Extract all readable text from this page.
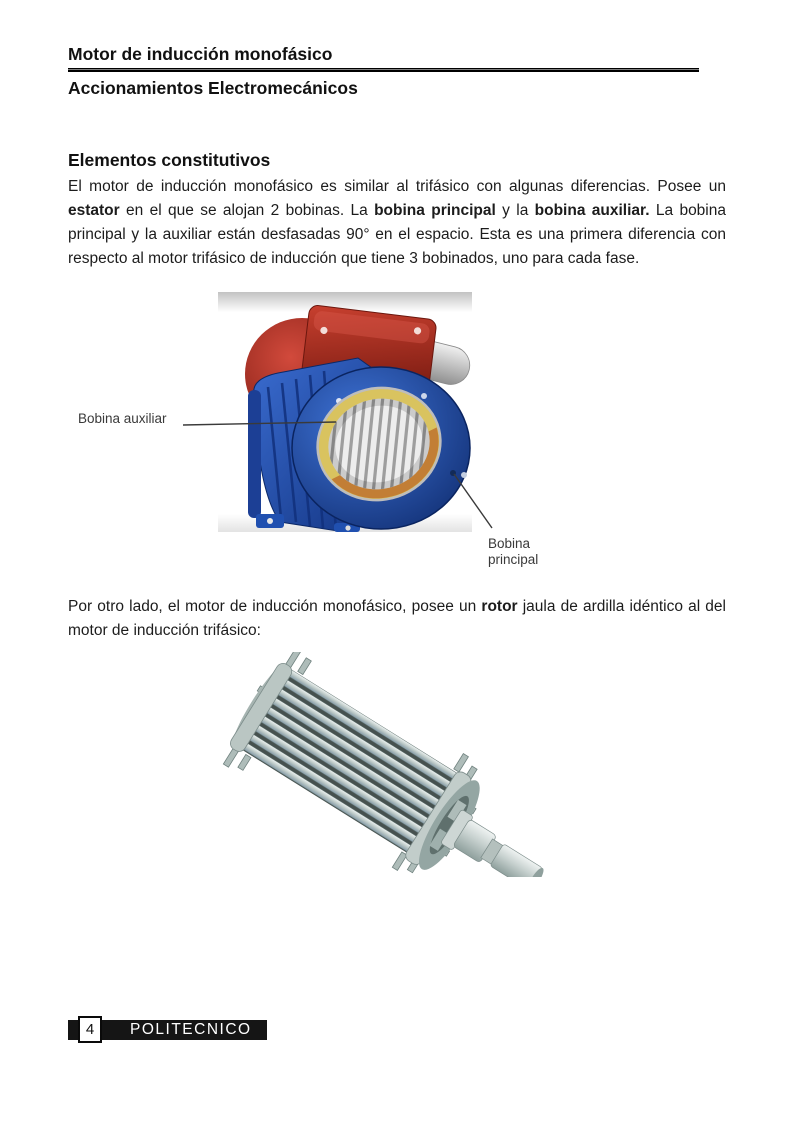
Motor de inducción monofásico
Accionamientos Electromecánicos
Elementos constitutivos

El motor de inducción monofásico es similar al trifásico con algunas diferencias. Posee un estator en el que se alojan 2 bobinas. La bobina principal y la bobina auxiliar. La bobina principal y la auxiliar están desfasadas 90° en el espacio. Esta es una primera diferencia con respecto al motor trifásico de inducción que tiene 3 bobinados, uno para cada fase.

Bobina auxiliar
Bobina principal

Por otro lado, el motor de inducción monofásico, posee un rotor jaula de ardilla idéntico al del motor de inducción trifásico:

POLITECNICO
4
